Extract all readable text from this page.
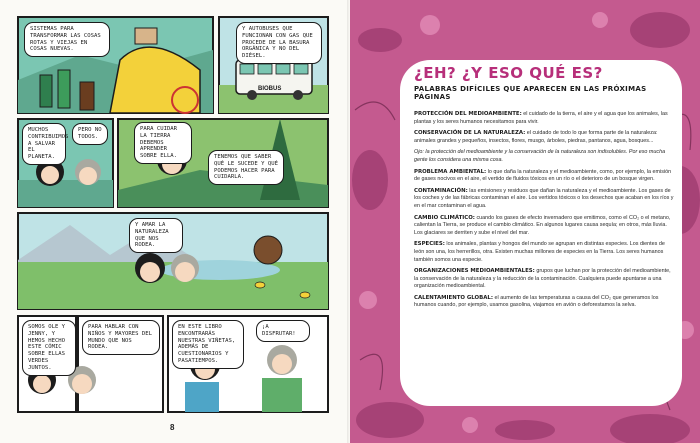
SISTEMAS PARA TRANSFORMAR LAS COSAS ROTAS Y VIEJAS EN COSAS NUEVAS.
Y AUTOBUSES QUE FUNCIONAN CON GAS QUE PROCEDE DE LA BASURA ORGÁNICA Y NO DEL DIÉSEL.
MUCHOS CONTRIBUIMOS A SALVAR EL PLANETA.
PERO NO TODOS.
PARA CUIDAR LA TIERRA DEBEMOS APRENDER SOBRE ELLA.	TENEMOS QUE SABER QUÉ LE SUCEDE Y QUÉ PODEMOS HACER PARA CUIDARLA.
Y AMAR LA NATURALEZA QUE NOS RODEA.
SOMOS OLE Y JENNY, Y HEMOS HECHO ESTE CÓMIC SOBRE ELLAS VERDES JUNTOS.
PARA HABLAR CON NIÑOS Y MAYORES DEL MUNDO QUE NOS RODEA.
EN ESTE LIBRO ENCONTRARÁS NUESTRAS VIÑETAS, ADEMÁS DE CUESTIONARIOS Y PASATIEMPOS.
¡A DISFRUTAR!
BIOBUS
8
¿EH? ¿Y ESO QUÉ ES?
PALABRAS DIFÍCILES QUE APARECEN EN LAS PRÓXIMAS PÁGINAS
PROTECCIÓN DEL MEDIOAMBIENTE: el cuidado de la tierra, el aire y el agua que los animales, las plantas y los seres humanos necesitamos para vivir.
CONSERVACIÓN DE LA NATURALEZA: el cuidado de todo lo que forma parte de la naturaleza: animales grandes y pequeños, insectos, flores, musgo, árboles, piedras, pantanos, agua, bosques...
Ojo: la protección del medioambiente y la conservación de la naturaleza son indisolubles. Por eso mucha gente los considera una misma cosa.
PROBLEMA AMBIENTAL: lo que daña la naturaleza y el medioambiente, como, por ejemplo, la emisión de gases nocivos en el aire, el vertido de fluidos tóxicos en un río o el deterioro de un bosque virgen.
CONTAMINACIÓN: las emisiones y residuos que dañan la naturaleza y el medioambiente. Los gases de los coches y de las fábricas contaminan el aire. Los vertidos tóxicos o los desechos que acaban en los ríos y en el mar contaminan el agua.
CAMBIO CLIMÁTICO: cuando los gases de efecto invernadero que emitimos, como el CO₂ o el metano, calientan la Tierra, se produce el cambio climático. En algunos lugares causa sequía; en otros, más lluvia. Los glaciares se derriten y sube el nivel del mar.
ESPECIES: los animales, plantas y hongos del mundo se agrupan en distintas especies. Los dientes de león son una, los herrerillos, otra. Existen muchas millones de especies en la Tierra. Los seres humanos también somos una especie.
ORGANIZACIONES MEDIOAMBIENTALES: grupos que luchan por la protección del medioambiente, la conservación de la naturaleza y la reducción de la contaminación. Cualquiera puede apuntarse a una organización medioambiental.
CALENTAMIENTO GLOBAL: el aumento de las temperaturas a causa del CO₂ que generamos los humanos cuando, por ejemplo, usamos gasolina, viajamos en avión o deforestamos la selva.
